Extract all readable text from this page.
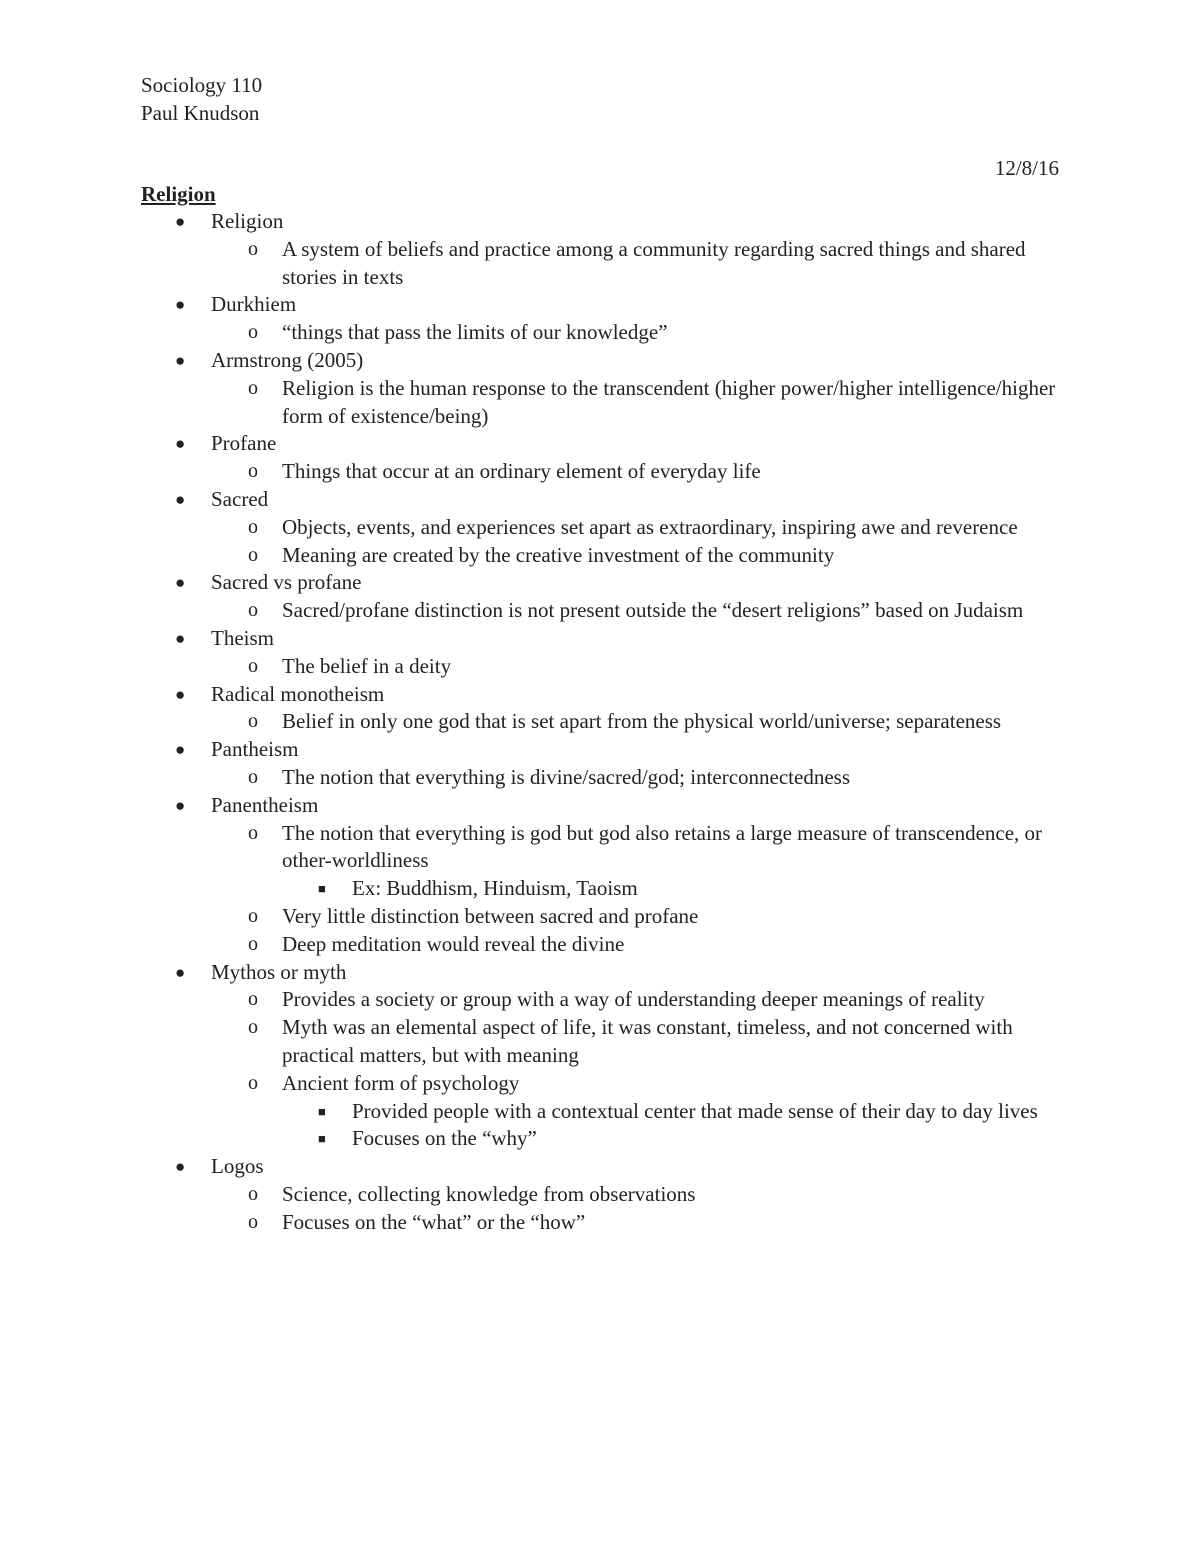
Sociology 110
Paul Knudson
12/8/16
Religion
● Religion
o A system of beliefs and practice among a community regarding sacred things and shared stories in texts
● Durkhiem
o “things that pass the limits of our knowledge”
● Armstrong (2005)
o Religion is the human response to the transcendent (higher power/higher intelligence/higher form of existence/being)
● Profane
o Things that occur at an ordinary element of everyday life
● Sacred
o Objects, events, and experiences set apart as extraordinary, inspiring awe and reverence
o Meaning are created by the creative investment of the community
● Sacred vs profane
o Sacred/profane distinction is not present outside the “desert religions” based on Judaism
● Theism
o The belief in a deity
● Radical monotheism
o Belief in only one god that is set apart from the physical world/universe; separateness
● Pantheism
o The notion that everything is divine/sacred/god; interconnectedness
● Panentheism
o The notion that everything is god but god also retains a large measure of transcendence, or other-worldliness
■ Ex: Buddhism, Hinduism, Taoism
o Very little distinction between sacred and profane
o Deep meditation would reveal the divine
● Mythos or myth
o Provides a society or group with a way of understanding deeper meanings of reality
o Myth was an elemental aspect of life, it was constant, timeless, and not concerned with practical matters, but with meaning
o Ancient form of psychology
■ Provided people with a contextual center that made sense of their day to day lives
■ Focuses on the “why”
● Logos
o Science, collecting knowledge from observations
o Focuses on the “what” or the “how”
